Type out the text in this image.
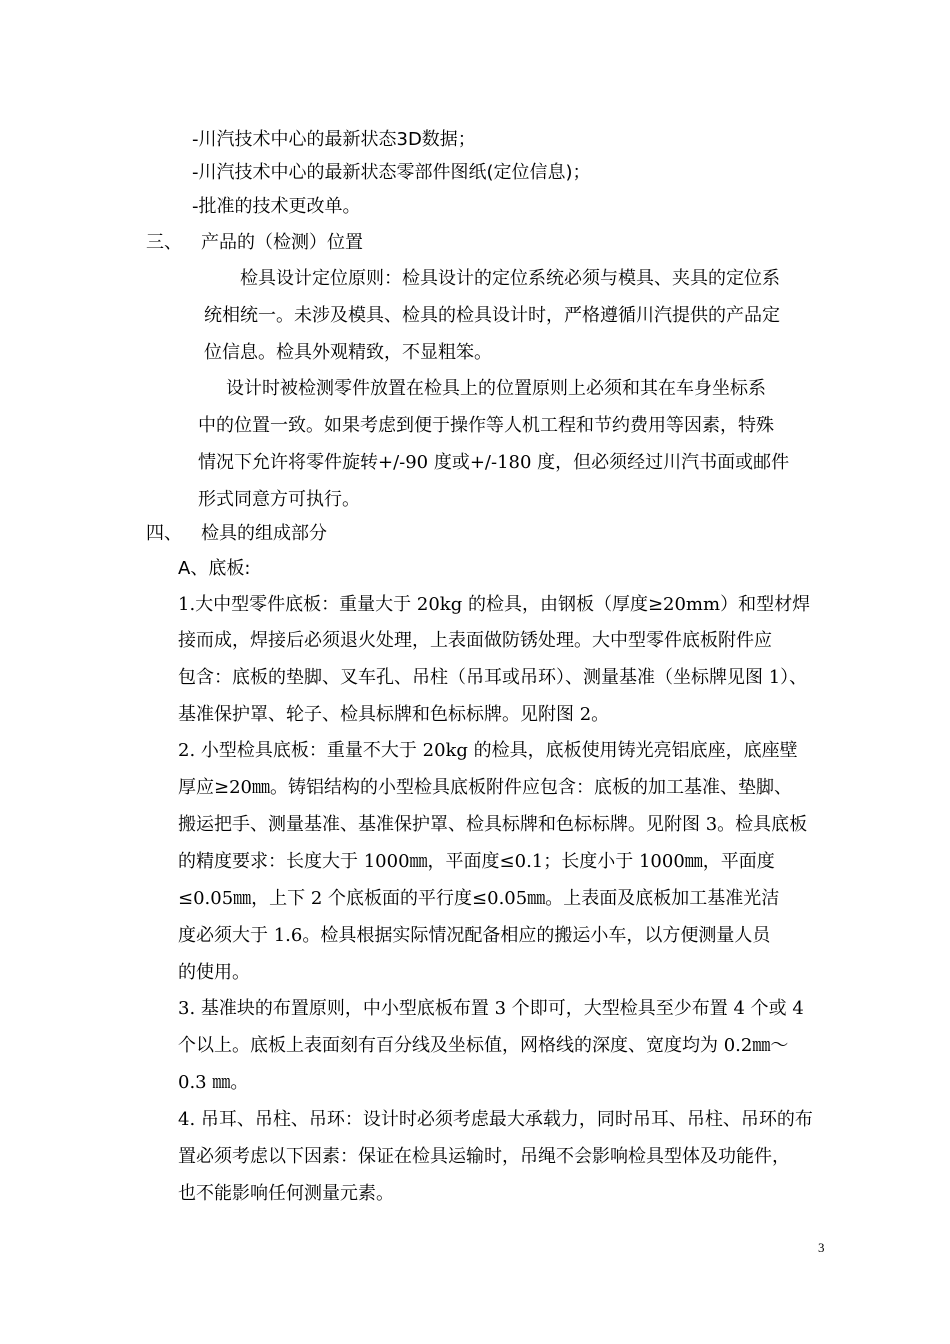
-川汽技术中心的最新状态3D数据；
-川汽技术中心的最新状态零部件图纸(定位信息)；
-批准的技术更改单。
三、 产品的（检测）位置
检具设计定位原则：检具设计的定位系统必须与模具、夹具的定位系
统相统一。未涉及模具、检具的检具设计时，严格遵循川汽提供的产品定
位信息。检具外观精致，不显粗笨。
设计时被检测零件放置在检具上的位置原则上必须和其在车身坐标系
中的位置一致。如果考虑到便于操作等人机工程和节约费用等因素，特殊
情况下允许将零件旋转+/-90 度或+/-180 度，但必须经过川汽书面或邮件
形式同意方可执行。
四、 检具的组成部分
A、底板:
1.大中型零件底板：重量大于 20kg 的检具，由钢板（厚度≥20mm）和型材焊
接而成，焊接后必须退火处理，上表面做防锈处理。大中型零件底板附件应
包含：底板的垫脚、叉车孔、吊柱（吊耳或吊环）、测量基准（坐标牌见图 1）、
基准保护罩、轮子、检具标牌和色标标牌。见附图 2。
2. 小型检具底板：重量不大于 20kg 的检具，底板使用铸光亮铝底座，底座壁
厚应≥20㎜。铸铝结构的小型检具底板附件应包含：底板的加工基准、垫脚、
搬运把手、测量基准、基准保护罩、检具标牌和色标标牌。见附图 3。检具底板
的精度要求：长度大于 1000㎜，平面度≤0.1；长度小于 1000㎜，平面度
≤0.05㎜，上下 2 个底板面的平行度≤0.05㎜。上表面及底板加工基准光洁
度必须大于 1.6。检具根据实际情况配备相应的搬运小车，以方便测量人员
的使用。
3. 基准块的布置原则，中小型底板布置 3 个即可，大型检具至少布置 4 个或 4
个以上。底板上表面刻有百分线及坐标值，网格线的深度、宽度均为 0.2㎜～
0.3 ㎜。
4. 吊耳、吊柱、吊环：设计时必须考虑最大承载力，同时吊耳、吊柱、吊环的布
置必须考虑以下因素：保证在检具运输时，吊绳不会影响检具型体及功能件，
也不能影响任何测量元素。
3
